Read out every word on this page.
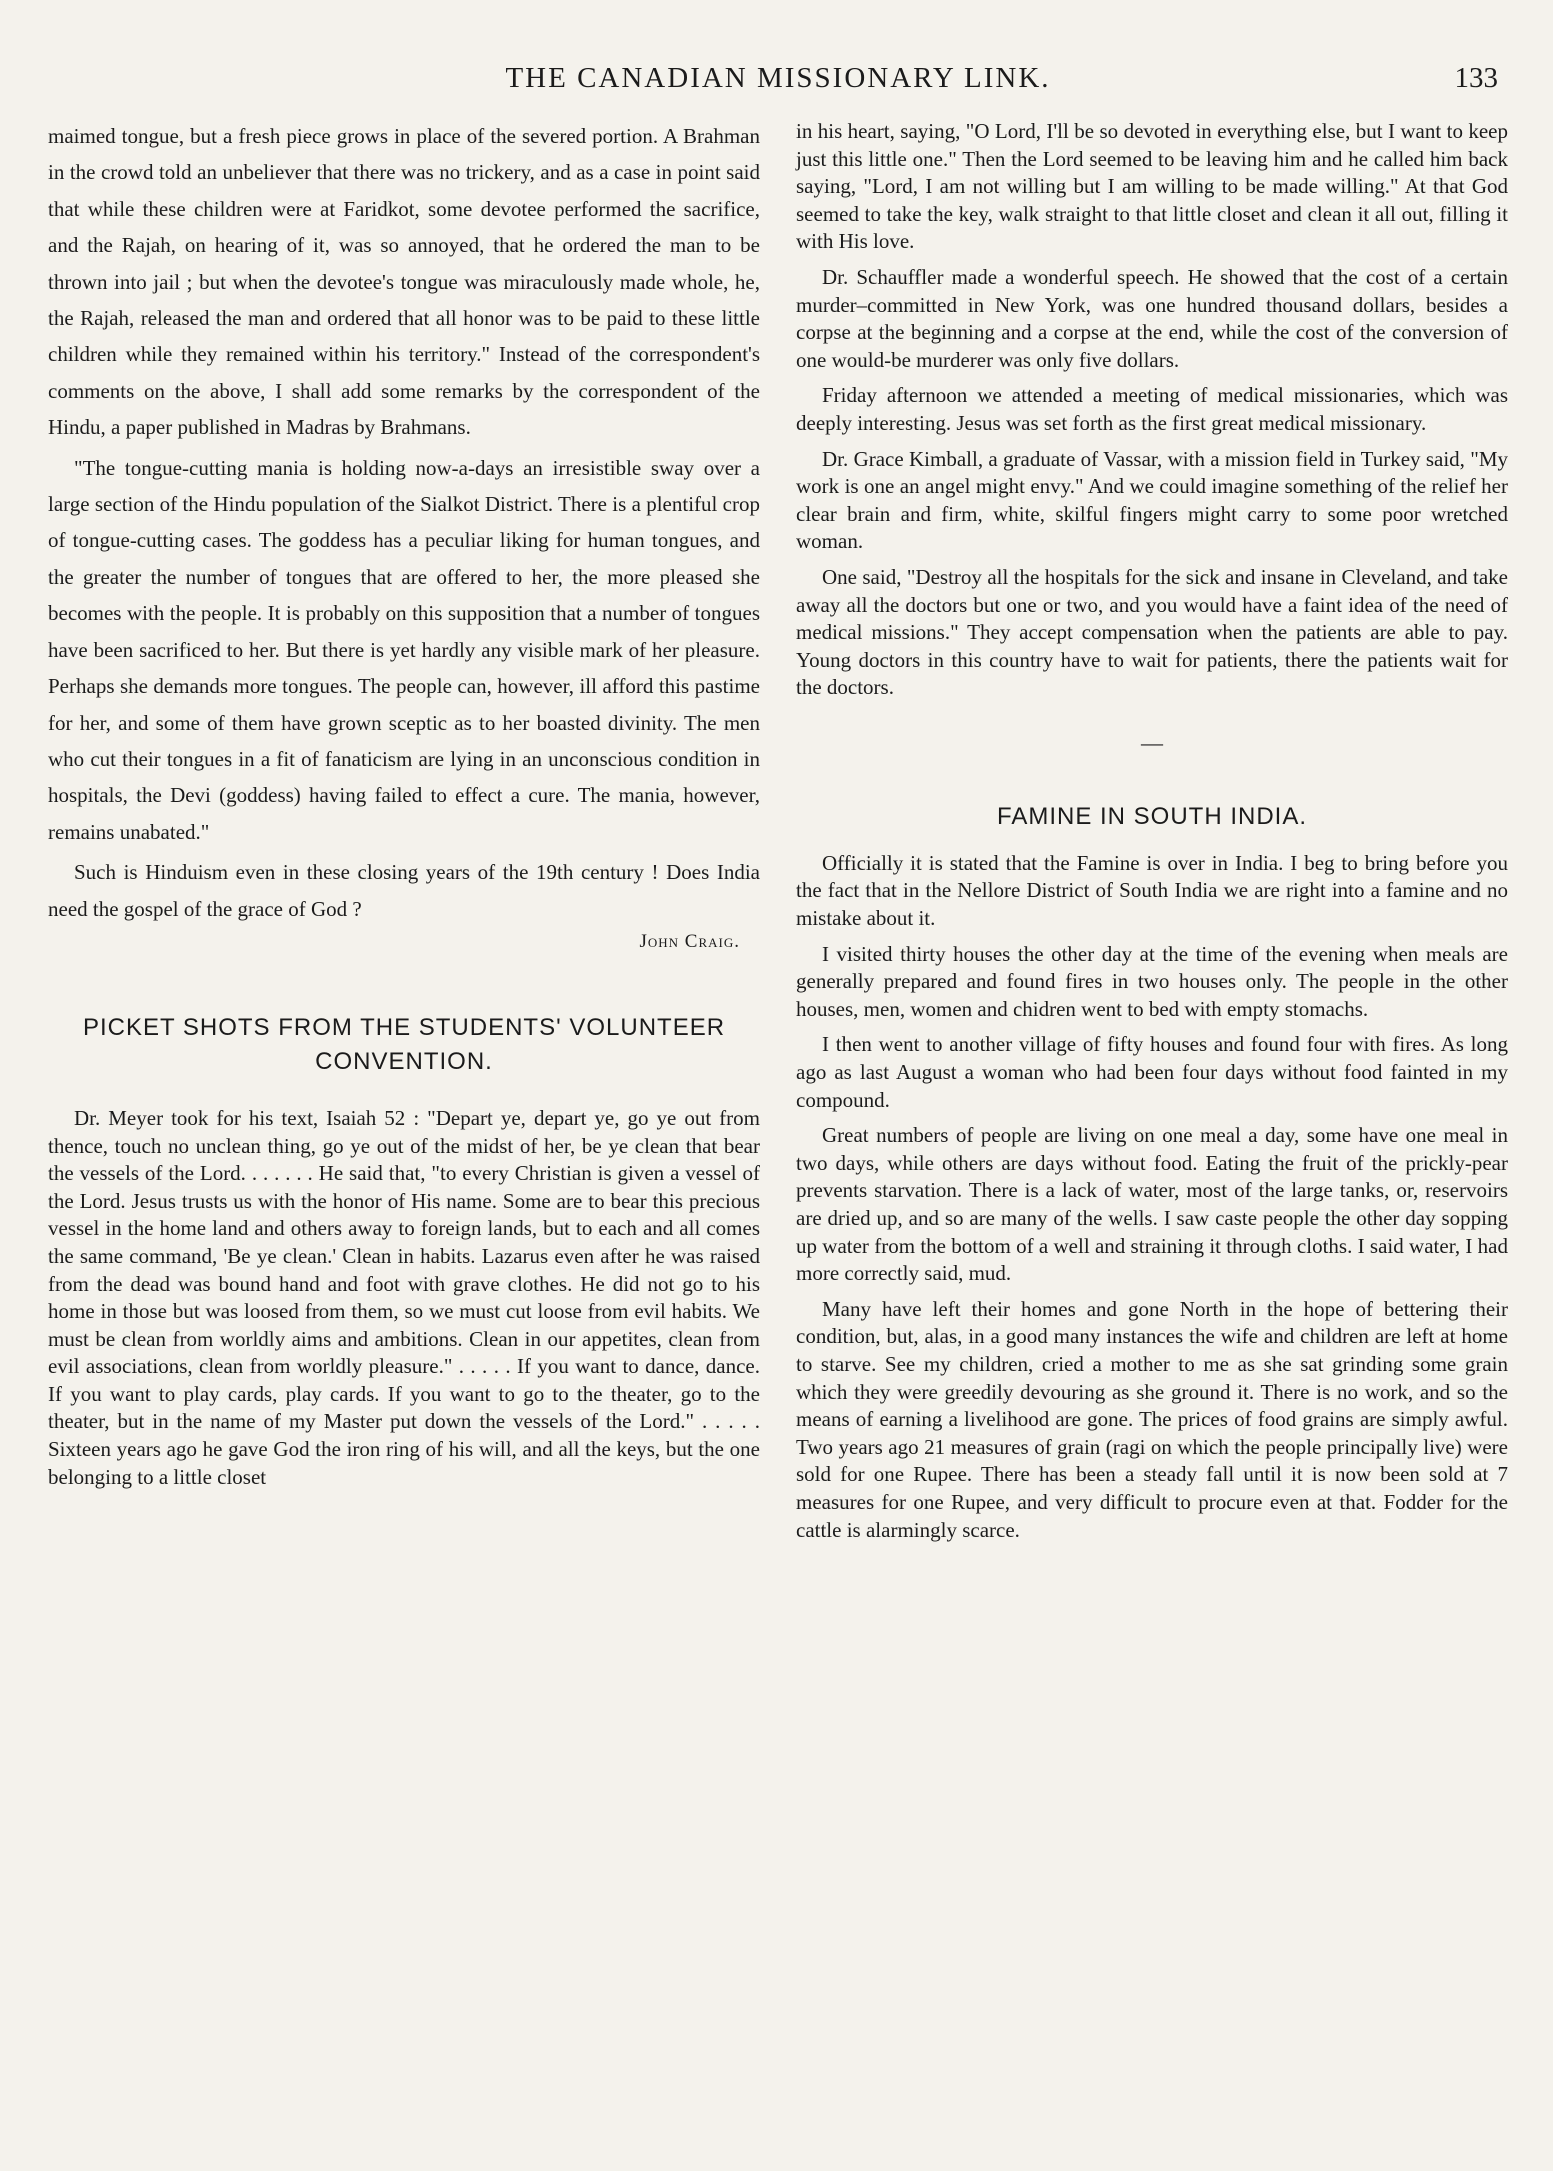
THE CANADIAN MISSIONARY LINK.	133

maimed tongue, but a fresh piece grows in place of the severed portion. A Brahman in the crowd told an unbeliever that there was no trickery, and as a case in point said that while these children were at Faridkot, some devotee performed the sacrifice, and the Rajah, on hearing of it, was so annoyed, that he ordered the man to be thrown into jail ; but when the devotee's tongue was miraculously made whole, he, the Rajah, released the man and ordered that all honor was to be paid to these little children while they remained within his territory." Instead of the correspondent's comments on the above, I shall add some remarks by the correspondent of the Hindu, a paper published in Madras by Brahmans.

"The tongue-cutting mania is holding now-a-days an irresistible sway over a large section of the Hindu population of the Sialkot District. There is a plentiful crop of tongue-cutting cases. The goddess has a peculiar liking for human tongues, and the greater the number of tongues that are offered to her, the more pleased she becomes with the people. It is probably on this supposition that a number of tongues have been sacrificed to her. But there is yet hardly any visible mark of her pleasure. Perhaps she demands more tongues. The people can, however, ill afford this pastime for her, and some of them have grown sceptic as to her boasted divinity. The men who cut their tongues in a fit of fanaticism are lying in an unconscious condition in hospitals, the Devi (goddess) having failed to effect a cure. The mania, however, remains unabated."

Such is Hinduism even in these closing years of the 19th century ! Does India need the gospel of the grace of God ?

John Craig.
PICKET SHOTS FROM THE STUDENTS' VOLUNTEER CONVENTION.

Dr. Meyer took for his text, Isaiah 52 : "Depart ye, depart ye, go ye out from thence, touch no unclean thing, go ye out of the midst of her, be ye clean that bear the vessels of the Lord. . . . . . . He said that, "to every Christian is given a vessel of the Lord. Jesus trusts us with the honor of His name. Some are to bear this precious vessel in the home land and others away to foreign lands, but to each and all comes the same command, 'Be ye clean.' Clean in habits. Lazarus even after he was raised from the dead was bound hand and foot with grave clothes. He did not go to his home in those but was loosed from them, so we must cut loose from evil habits. We must be clean from worldly aims and ambitions. Clean in our appetites, clean from evil associations, clean from worldly pleasure." . . . . . If you want to dance, dance. If you want to play cards, play cards. If you want to go to the theater, go to the theater, but in the name of my Master put down the vessels of the Lord." . . . . . Sixteen years ago he gave God the iron ring of his will, and all the keys, but the one belonging to a little closet

in his heart, saying, "O Lord, I'll be so devoted in everything else, but I want to keep just this little one." Then the Lord seemed to be leaving him and he called him back saying, "Lord, I am not willing but I am willing to be made willing." At that God seemed to take the key, walk straight to that little closet and clean it all out, filling it with His love.

Dr. Schauffler made a wonderful speech. He showed that the cost of a certain murder–committed in New York, was one hundred thousand dollars, besides a corpse at the beginning and a corpse at the end, while the cost of the conversion of one would-be murderer was only five dollars.

Friday afternoon we attended a meeting of medical missionaries, which was deeply interesting. Jesus was set forth as the first great medical missionary.

Dr. Grace Kimball, a graduate of Vassar, with a mission field in Turkey said, "My work is one an angel might envy." And we could imagine something of the relief her clear brain and firm, white, skilful fingers might carry to some poor wretched woman.

One said, "Destroy all the hospitals for the sick and insane in Cleveland, and take away all the doctors but one or two, and you would have a faint idea of the need of medical missions." They accept compensation when the patients are able to pay. Young doctors in this country have to wait for patients, there the patients wait for the doctors.

—
FAMINE IN SOUTH INDIA.

Officially it is stated that the Famine is over in India. I beg to bring before you the fact that in the Nellore District of South India we are right into a famine and no mistake about it.

I visited thirty houses the other day at the time of the evening when meals are generally prepared and found fires in two houses only. The people in the other houses, men, women and chidren went to bed with empty stomachs.

I then went to another village of fifty houses and found four with fires. As long ago as last August a woman who had been four days without food fainted in my compound.

Great numbers of people are living on one meal a day, some have one meal in two days, while others are days without food. Eating the fruit of the prickly-pear prevents starvation. There is a lack of water, most of the large tanks, or, reservoirs are dried up, and so are many of the wells. I saw caste people the other day sopping up water from the bottom of a well and straining it through cloths. I said water, I had more correctly said, mud.

Many have left their homes and gone North in the hope of bettering their condition, but, alas, in a good many instances the wife and children are left at home to starve. See my children, cried a mother to me as she sat grinding some grain which they were greedily devouring as she ground it. There is no work, and so the means of earning a livelihood are gone. The prices of food grains are simply awful. Two years ago 21 measures of grain (ragi on which the people principally live) were sold for one Rupee. There has been a steady fall until it is now been sold at 7 measures for one Rupee, and very difficult to procure even at that. Fodder for the cattle is alarmingly scarce.
